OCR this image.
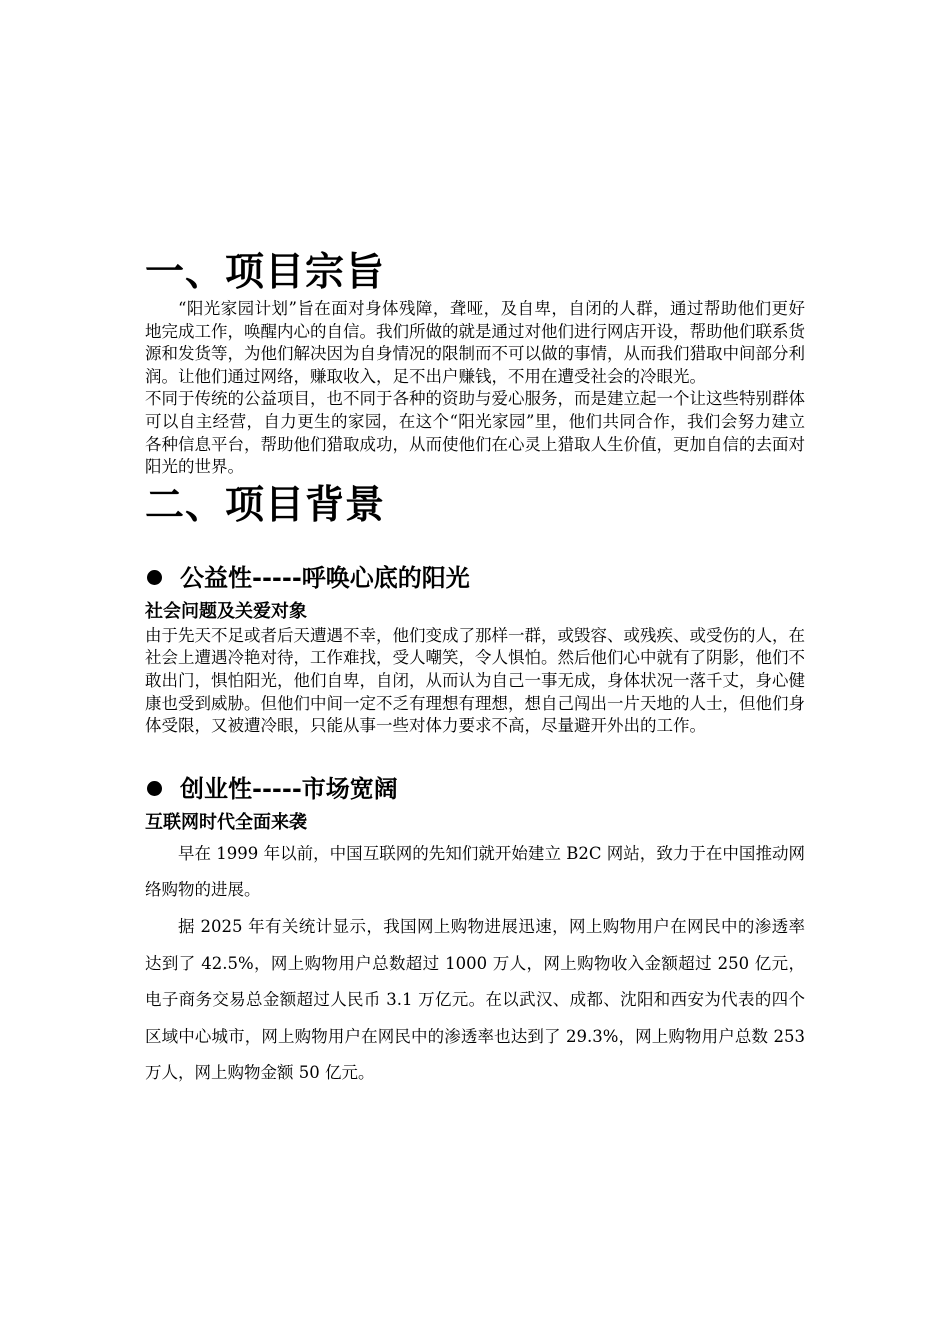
一、项目宗旨

“阳光家园计划”旨在面对身体残障，聋哑，及自卑，自闭的人群，通过帮助他们更好地完成工作，唤醒内心的自信。我们所做的就是通过对他们进行网店开设，帮助他们联系货源和发货等，为他们解决因为自身情况的限制而不可以做的事情，从而我们猎取中间部分利润。让他们通过网络，赚取收入，足不出户赚钱，不用在遭受社会的冷眼光。

不同于传统的公益项目，也不同于各种的资助与爱心服务，而是建立起一个让这些特别群体可以自主经营，自力更生的家园，在这个“阳光家园”里，他们共同合作，我们会努力建立各种信息平台，帮助他们猎取成功，从而使他们在心灵上猎取人生价值，更加自信的去面对阳光的世界。

二、项目背景
公益性-----呼唤心底的阳光

社会问题及关爱对象

由于先天不足或者后天遭遇不幸，他们变成了那样一群，或毁容、或残疾、或受伤的人，在社会上遭遇冷艳对待，工作难找，受人嘲笑，令人惧怕。然后他们心中就有了阴影，他们不敢出门，惧怕阳光，他们自卑，自闭，从而认为自己一事无成，身体状况一落千丈，身心健康也受到威胁。但他们中间一定不乏有理想有理想，想自己闯出一片天地的人士，但他们身体受限，又被遭冷眼，只能从事一些对体力要求不高，尽量避开外出的工作。

创业性-----市场宽阔

互联网时代全面来袭

早在 1999 年以前，中国互联网的先知们就开始建立 B2C 网站，致力于在中国推动网络购物的进展。

据 2025 年有关统计显示，我国网上购物进展迅速，网上购物用户在网民中的渗透率达到了 42.5%，网上购物用户总数超过 1000 万人，网上购物收入金额超过 250 亿元，电子商务交易总金额超过人民币 3.1 万亿元。在以武汉、成都、沈阳和西安为代表的四个区域中心城市，网上购物用户在网民中的渗透率也达到了 29.3%，网上购物用户总数 253 万人，网上购物金额 50 亿元。
